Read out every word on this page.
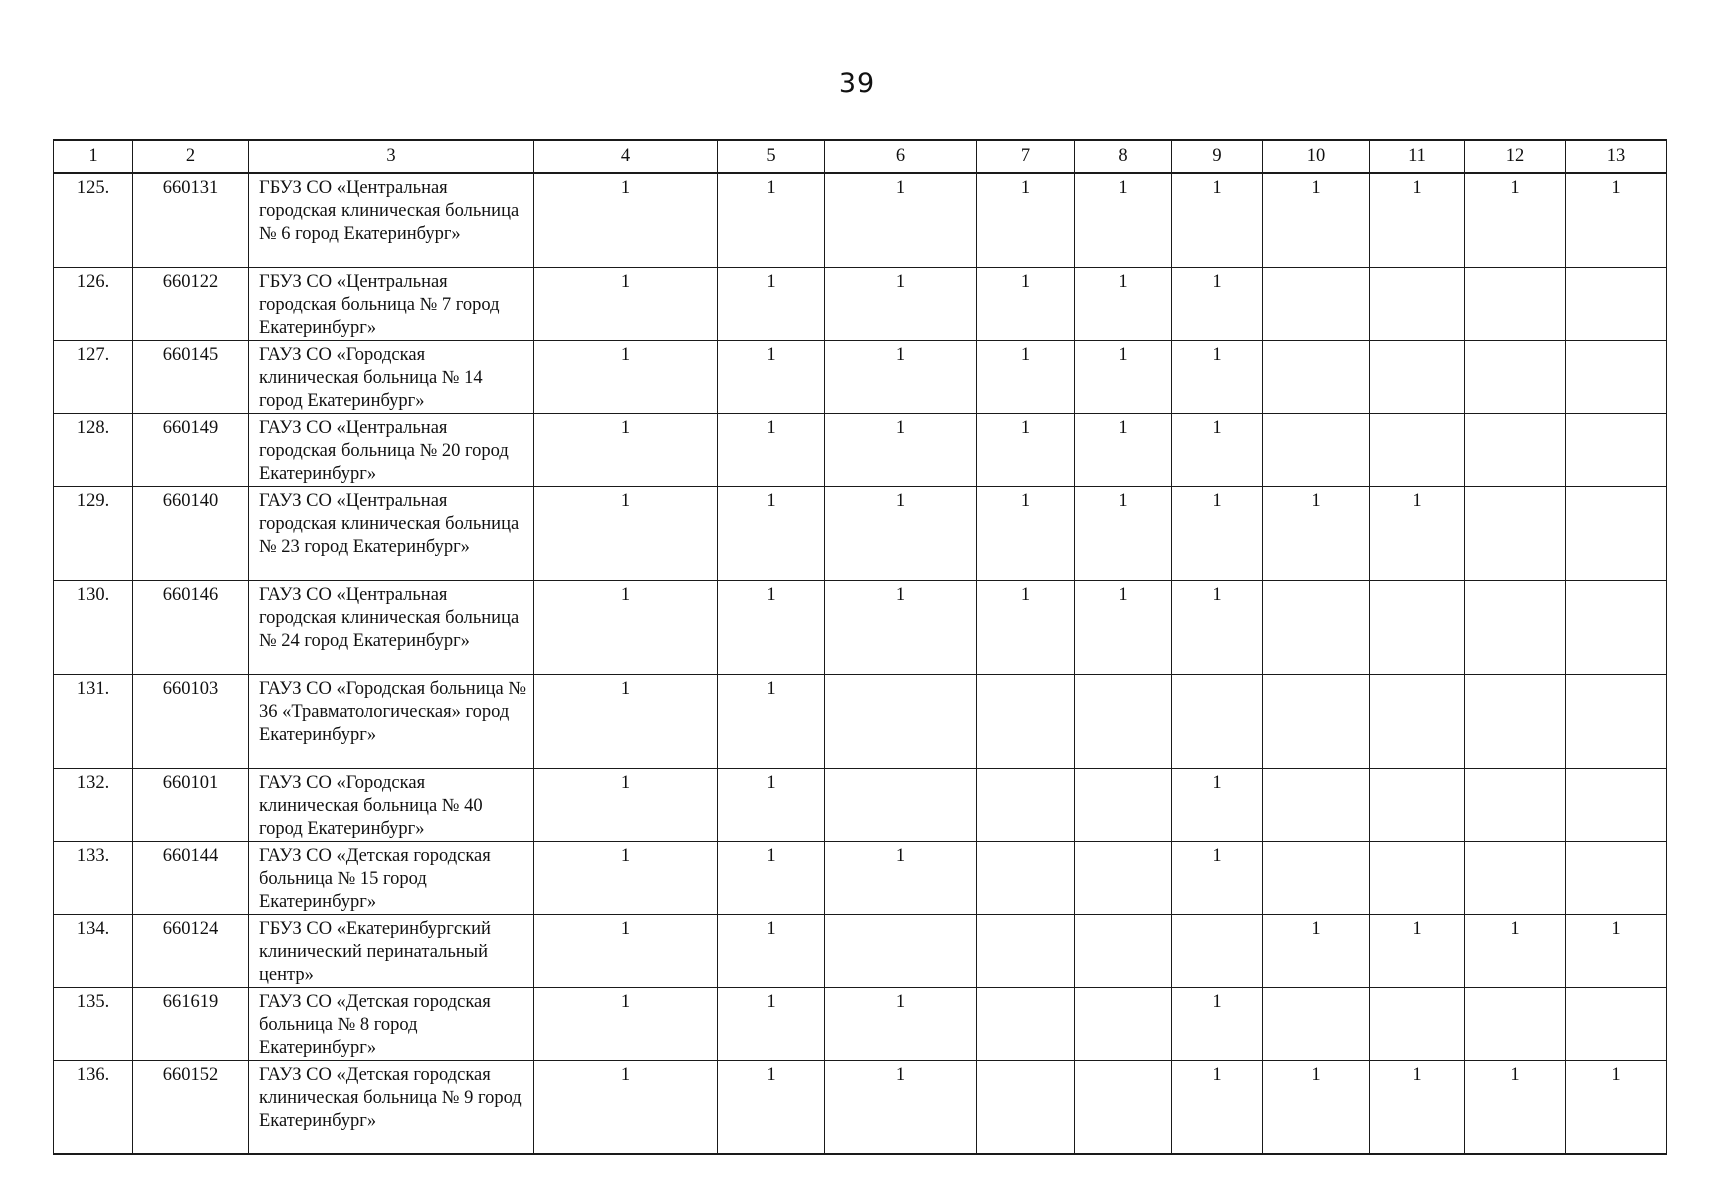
39
1	2	3	4	5	6	7	8	9	10	11	12	13
125.	660131	ГБУЗ СО «Центральная городская клиническая больница № 6 город Екатеринбург»	1	1	1	1	1	1	1	1	1	1
126.	660122	ГБУЗ СО «Центральная городская больница № 7 город Екатеринбург»	1	1	1	1	1	1				
127.	660145	ГАУЗ СО «Городская клиническая больница № 14 город Екатеринбург»	1	1	1	1	1	1				
128.	660149	ГАУЗ СО «Центральная городская больница № 20 город Екатеринбург»	1	1	1	1	1	1				
129.	660140	ГАУЗ СО «Центральная городская клиническая больница № 23 город Екатеринбург»	1	1	1	1	1	1	1	1		
130.	660146	ГАУЗ СО «Центральная городская клиническая больница № 24 город Екатеринбург»	1	1	1	1	1	1				
131.	660103	ГАУЗ СО «Городская больница № 36 «Травматологическая» город Екатеринбург»	1	1								
132.	660101	ГАУЗ СО «Городская клиническая больница № 40 город Екатеринбург»	1	1				1				
133.	660144	ГАУЗ СО «Детская городская больница № 15 город Екатеринбург»	1	1	1			1				
134.	660124	ГБУЗ СО «Екатеринбургский клинический перинатальный центр»	1	1					1	1	1	1
135.	661619	ГАУЗ СО «Детская городская больница № 8 город Екатеринбург»	1	1	1			1				
136.	660152	ГАУЗ СО «Детская городская клиническая больница № 9 город Екатеринбург»	1	1	1			1	1	1	1	1
